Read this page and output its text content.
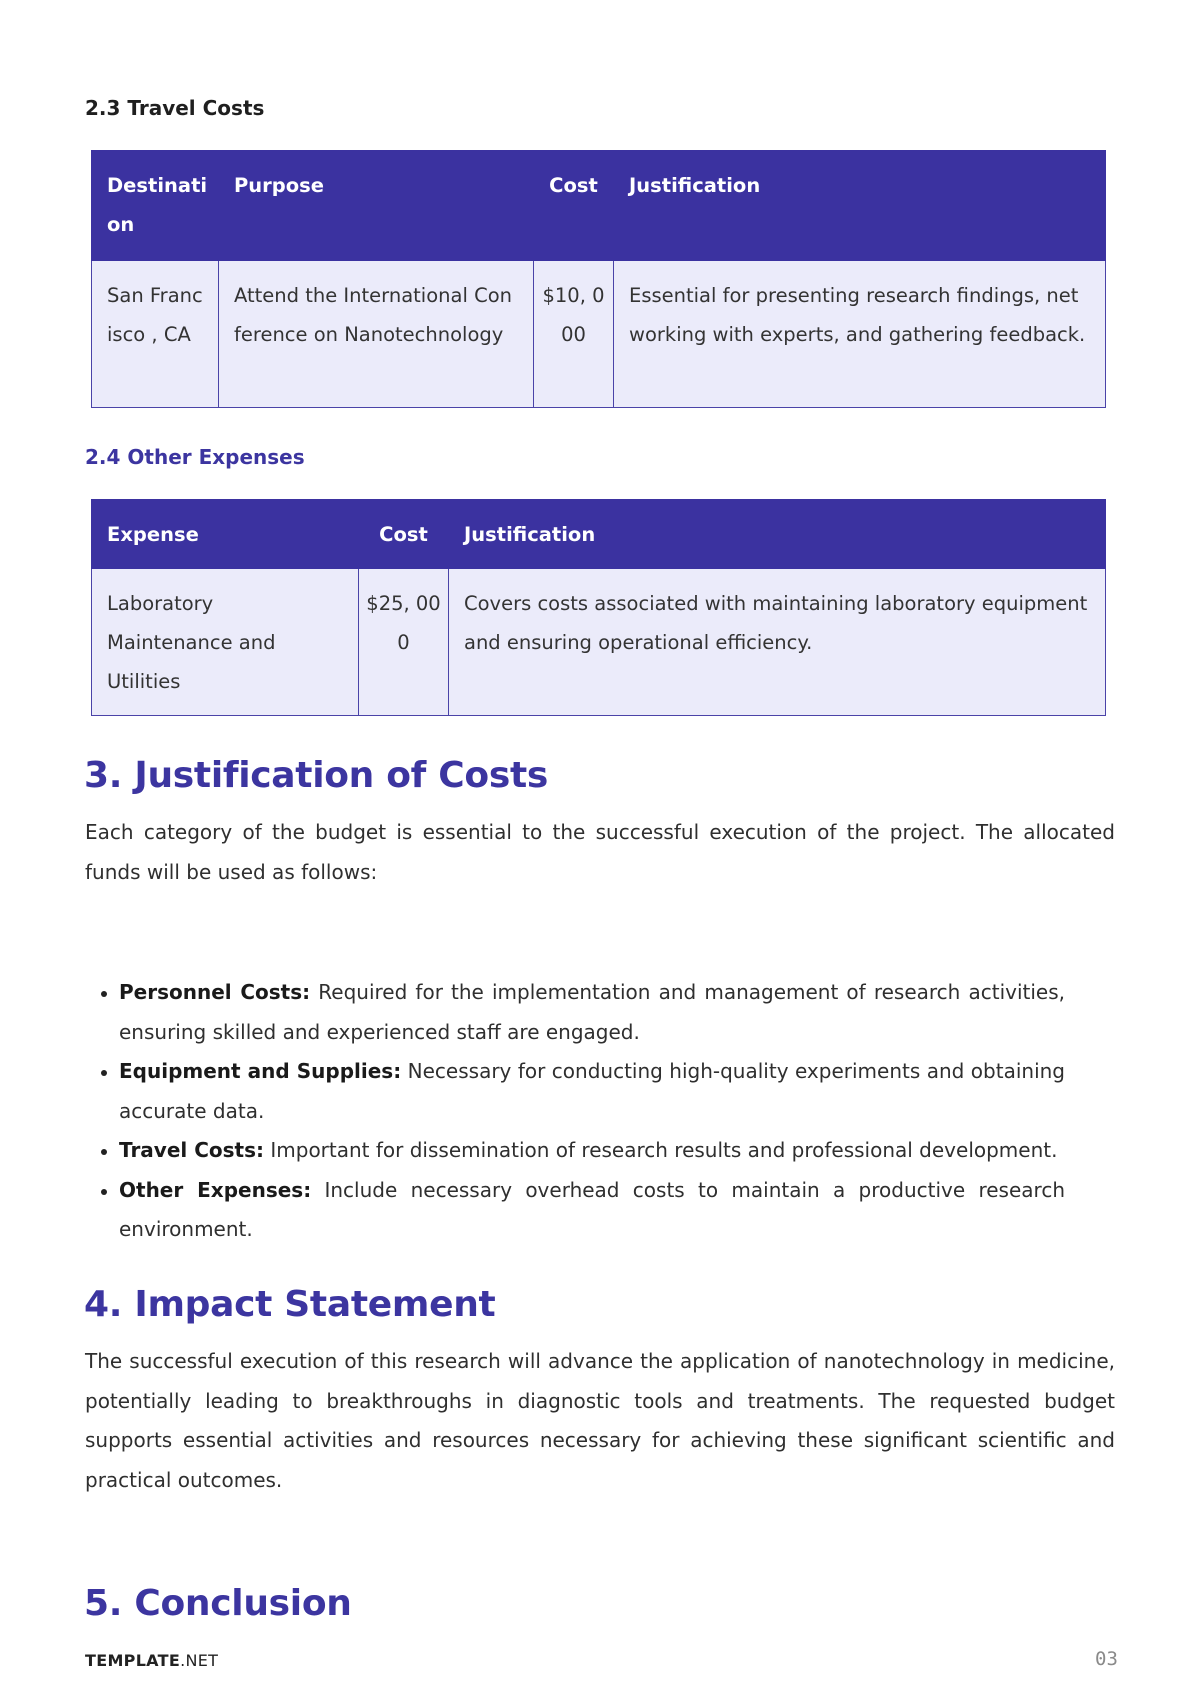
2.3 Travel Costs
Destinati on	Purpose	Cost	Justification
San Francisco , CA	Attend the International Conference on Nanotechnology	$10, 000	Essential for presenting research findings, networking with experts, and gathering feedback.
2.4 Other Expenses
Expense	Cost	Justification
Laboratory Maintenance and Utilities	$25, 000	Covers costs associated with maintaining laboratory equipment and ensuring operational efficiency.
3. Justification of Costs

Each category of the budget is essential to the successful execution of the project. The allocated funds will be used as follows:

Personnel Costs: Required for the implementation and management of research activities, ensuring skilled and experienced staff are engaged.
Equipment and Supplies: Necessary for conducting high-quality experiments and obtaining accurate data.
Travel Costs: Important for dissemination of research results and professional development.
Other Expenses: Include necessary overhead costs to maintain a productive research environment.
4. Impact Statement

The successful execution of this research will advance the application of nanotechnology in medicine, potentially leading to breakthroughs in diagnostic tools and treatments. The requested budget supports essential activities and resources necessary for achieving these significant scientific and practical outcomes.

5. Conclusion
TEMPLATE.NET	03
